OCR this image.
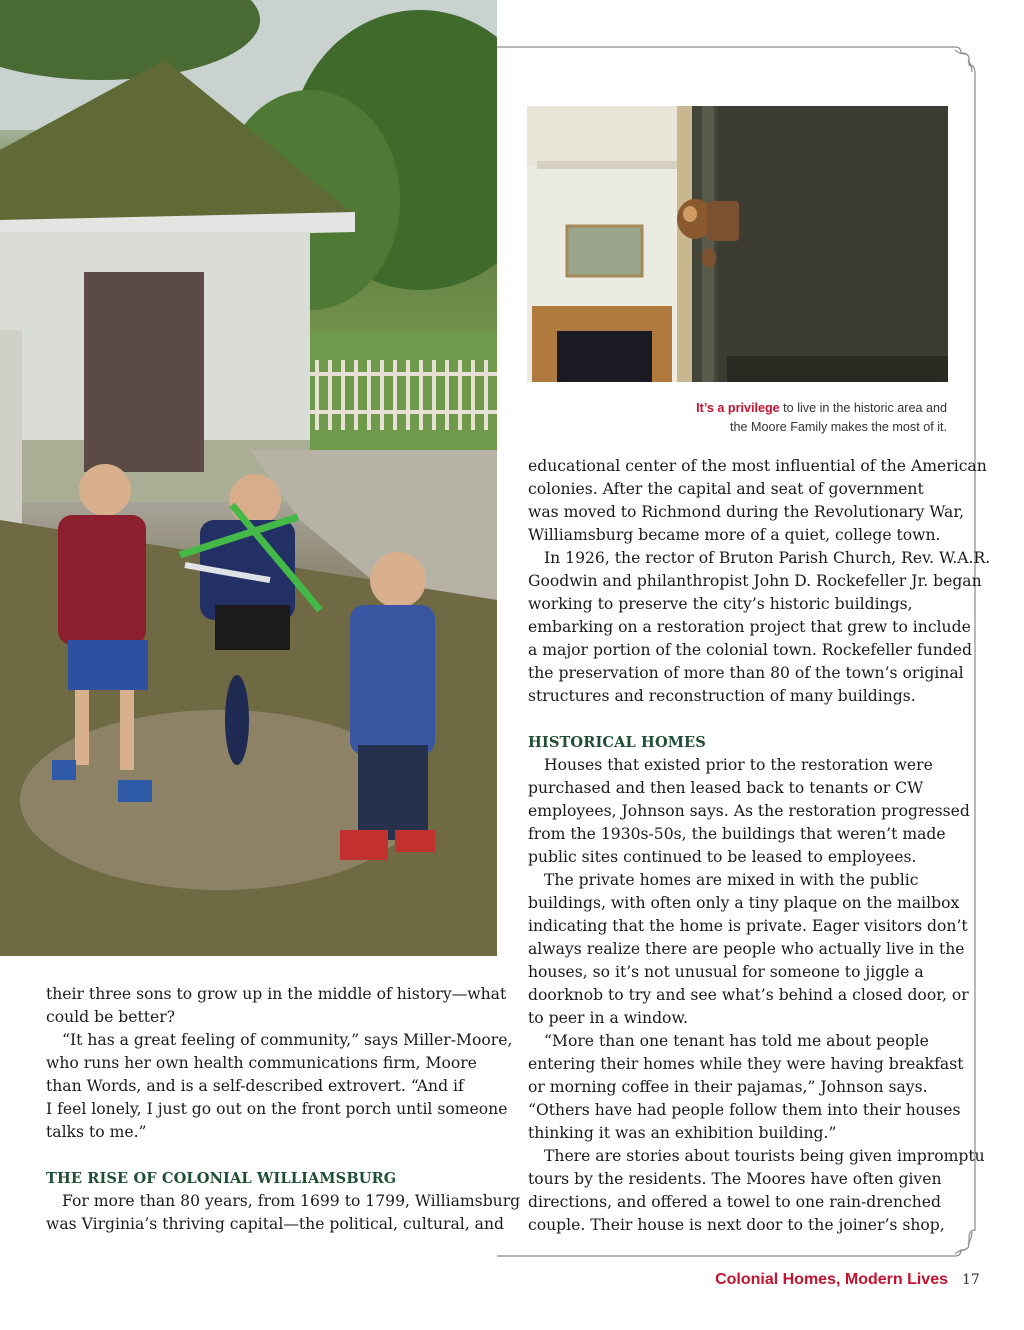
It’s a privilege to live in the historic area and
the Moore Family makes the most of it.

their three sons to grow up in the middle of history—what
could be better?

“It has a great feeling of community,” says Miller-Moore,
who runs her own health communications firm, Moore
than Words, and is a self-described extrovert. “And if
I feel lonely, I just go out on the front porch until someone
talks to me.”

THE RISE OF COLONIAL WILLIAMSBURG

For more than 80 years, from 1699 to 1799, Williamsburg
was Virginia’s thriving capital—the political, cultural, and

educational center of the most influential of the American
colonies. After the capital and seat of government
was moved to Richmond during the Revolutionary War,
Williamsburg became more of a quiet, college town.

In 1926, the rector of Bruton Parish Church, Rev. W.A.R.
Goodwin and philanthropist John D. Rockefeller Jr. began
working to preserve the city’s historic buildings,
embarking on a restoration project that grew to include
a major portion of the colonial town. Rockefeller funded
the preservation of more than 80 of the town’s original
structures and reconstruction of many buildings.

HISTORICAL HOMES

Houses that existed prior to the restoration were
purchased and then leased back to tenants or CW
employees, Johnson says. As the restoration progressed
from the 1930s-50s, the buildings that weren’t made
public sites continued to be leased to employees.

The private homes are mixed in with the public
buildings, with often only a tiny plaque on the mailbox
indicating that the home is private. Eager visitors don’t
always realize there are people who actually live in the
houses, so it’s not unusual for someone to jiggle a
doorknob to try and see what’s behind a closed door, or
to peer in a window.

“More than one tenant has told me about people
entering their homes while they were having breakfast
or morning coffee in their pajamas,” Johnson says.
“Others have had people follow them into their houses
thinking it was an exhibition building.”

There are stories about tourists being given impromptu
tours by the residents. The Moores have often given
directions, and offered a towel to one rain-drenched
couple. Their house is next door to the joiner’s shop,

Colonial Homes, Modern Lives 17
